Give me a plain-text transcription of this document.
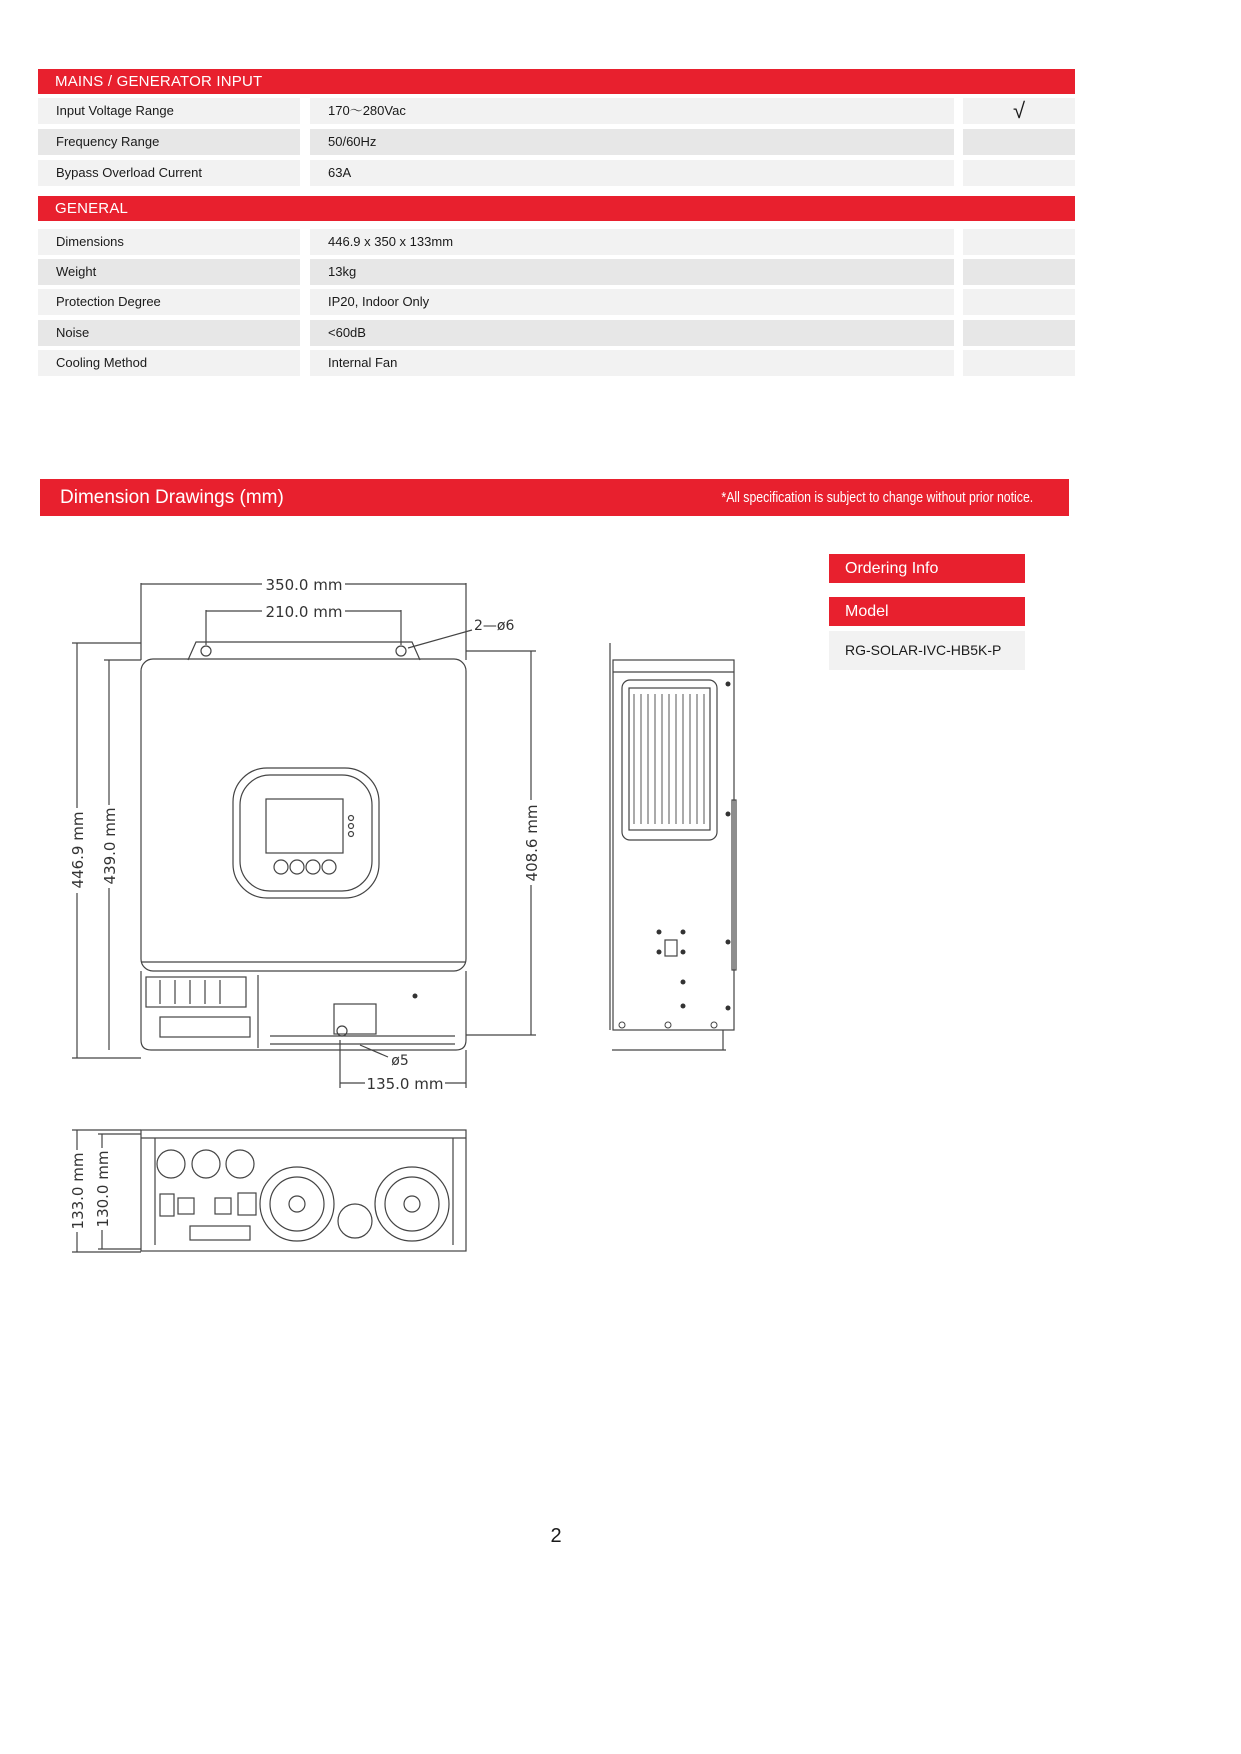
MAINS / GENERATOR INPUT
Input Voltage Range	170～280Vac	√
Frequency Range	50/60Hz
Bypass Overload Current	63A
GENERAL
Dimensions	446.9 x 350 x 133mm
Weight	13kg
Protection Degree	IP20, Indoor Only
Noise	<60dB
Cooling Method	Internal Fan
Dimension Drawings (mm)	*All specification is subject to change without prior notice.
Ordering Info
Model
RG-SOLAR-IVC-HB5K-P
350.0 mm
210.0 mm
2—ø6
ø5
135.0 mm
446.9 mm 439.0 mm	408.6 mm
133.0 mm 130.0 mm
2
